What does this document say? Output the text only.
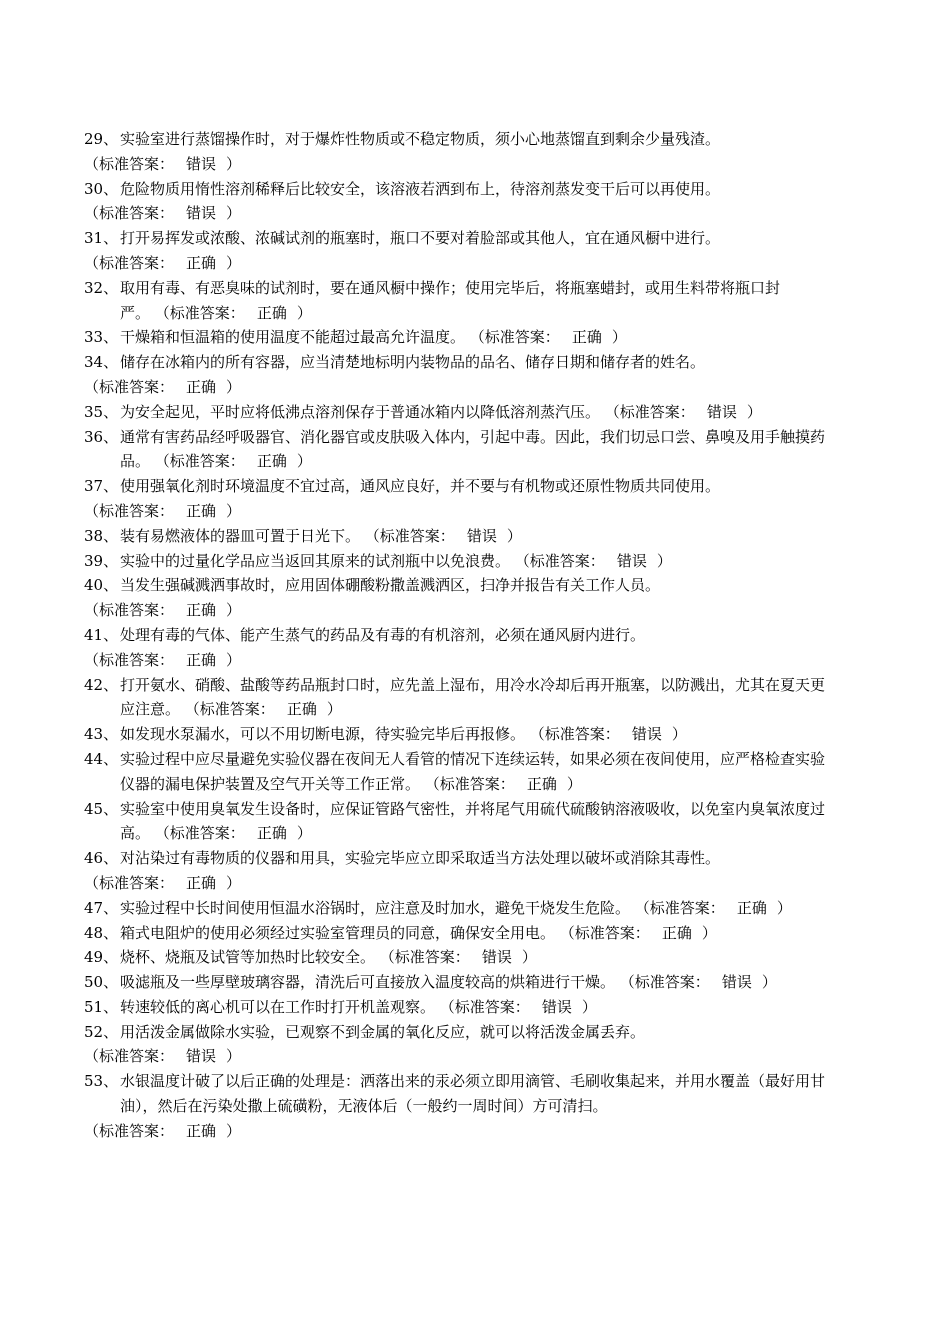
29、 实验室进行蒸馏操作时，对于爆炸性物质或不稳定物质，须小心地蒸馏直到剩余少量残渣。
（标准答案： 错误 ）
30、 危险物质用惰性溶剂稀释后比较安全，该溶液若洒到布上，待溶剂蒸发变干后可以再使用。
（标准答案： 错误 ）
31、 打开易挥发或浓酸、浓碱试剂的瓶塞时，瓶口不要对着脸部或其他人，宜在通风橱中进行。
（标准答案： 正确 ）
32、 取用有毒、有恶臭味的试剂时，要在通风橱中操作；使用完毕后，将瓶塞蜡封，或用生料带将瓶口封严。 （标准答案： 正确 ）
33、 干燥箱和恒温箱的使用温度不能超过最高允许温度。 （标准答案： 正确 ）
34、 储存在冰箱内的所有容器，应当清楚地标明内装物品的品名、储存日期和储存者的姓名。
（标准答案： 正确 ）
35、 为安全起见，平时应将低沸点溶剂保存于普通冰箱内以降低溶剂蒸汽压。 （标准答案： 错误 ）
36、 通常有害药品经呼吸器官、消化器官或皮肤吸入体内，引起中毒。因此，我们切忌口尝、鼻嗅及用手触摸药品。 （标准答案： 正确 ）
37、 使用强氧化剂时环境温度不宜过高，通风应良好，并不要与有机物或还原性物质共同使用。
（标准答案： 正确 ）
38、 装有易燃液体的器皿可置于日光下。 （标准答案： 错误 ）
39、 实验中的过量化学品应当返回其原来的试剂瓶中以免浪费。 （标准答案： 错误 ）
40、 当发生强碱溅洒事故时，应用固体硼酸粉撒盖溅洒区，扫净并报告有关工作人员。
（标准答案： 正确 ）
41、 处理有毒的气体、能产生蒸气的药品及有毒的有机溶剂，必须在通风厨内进行。
（标准答案： 正确 ）
42、 打开氨水、硝酸、盐酸等药品瓶封口时，应先盖上湿布，用冷水冷却后再开瓶塞，以防溅出，尤其在夏天更应注意。 （标准答案： 正确 ）
43、 如发现水泵漏水，可以不用切断电源，待实验完毕后再报修。 （标准答案： 错误 ）
44、 实验过程中应尽量避免实验仪器在夜间无人看管的情况下连续运转，如果必须在夜间使用，应严格检查实验仪器的漏电保护装置及空气开关等工作正常。 （标准答案： 正确 ）
45、 实验室中使用臭氧发生设备时，应保证管路气密性，并将尾气用硫代硫酸钠溶液吸收，以免室内臭氧浓度过高。 （标准答案： 正确 ）
46、 对沾染过有毒物质的仪器和用具，实验完毕应立即采取适当方法处理以破坏或消除其毒性。
（标准答案： 正确 ）
47、 实验过程中长时间使用恒温水浴锅时，应注意及时加水，避免干烧发生危险。 （标准答案： 正确 ）
48、 箱式电阻炉的使用必须经过实验室管理员的同意，确保安全用电。 （标准答案： 正确 ）
49、 烧杯、烧瓶及试管等加热时比较安全。 （标准答案： 错误 ）
50、 吸滤瓶及一些厚壁玻璃容器，清洗后可直接放入温度较高的烘箱进行干燥。 （标准答案： 错误 ）
51、 转速较低的离心机可以在工作时打开机盖观察。 （标准答案： 错误 ）
52、 用活泼金属做除水实验，已观察不到金属的氧化反应，就可以将活泼金属丢弃。
（标准答案： 错误 ）
53、 水银温度计破了以后正确的处理是：洒落出来的汞必须立即用滴管、毛刷收集起来，并用水覆盖（最好用甘油），然后在污染处撒上硫磺粉，无液体后（一般约一周时间）方可清扫。
（标准答案： 正确 ）
